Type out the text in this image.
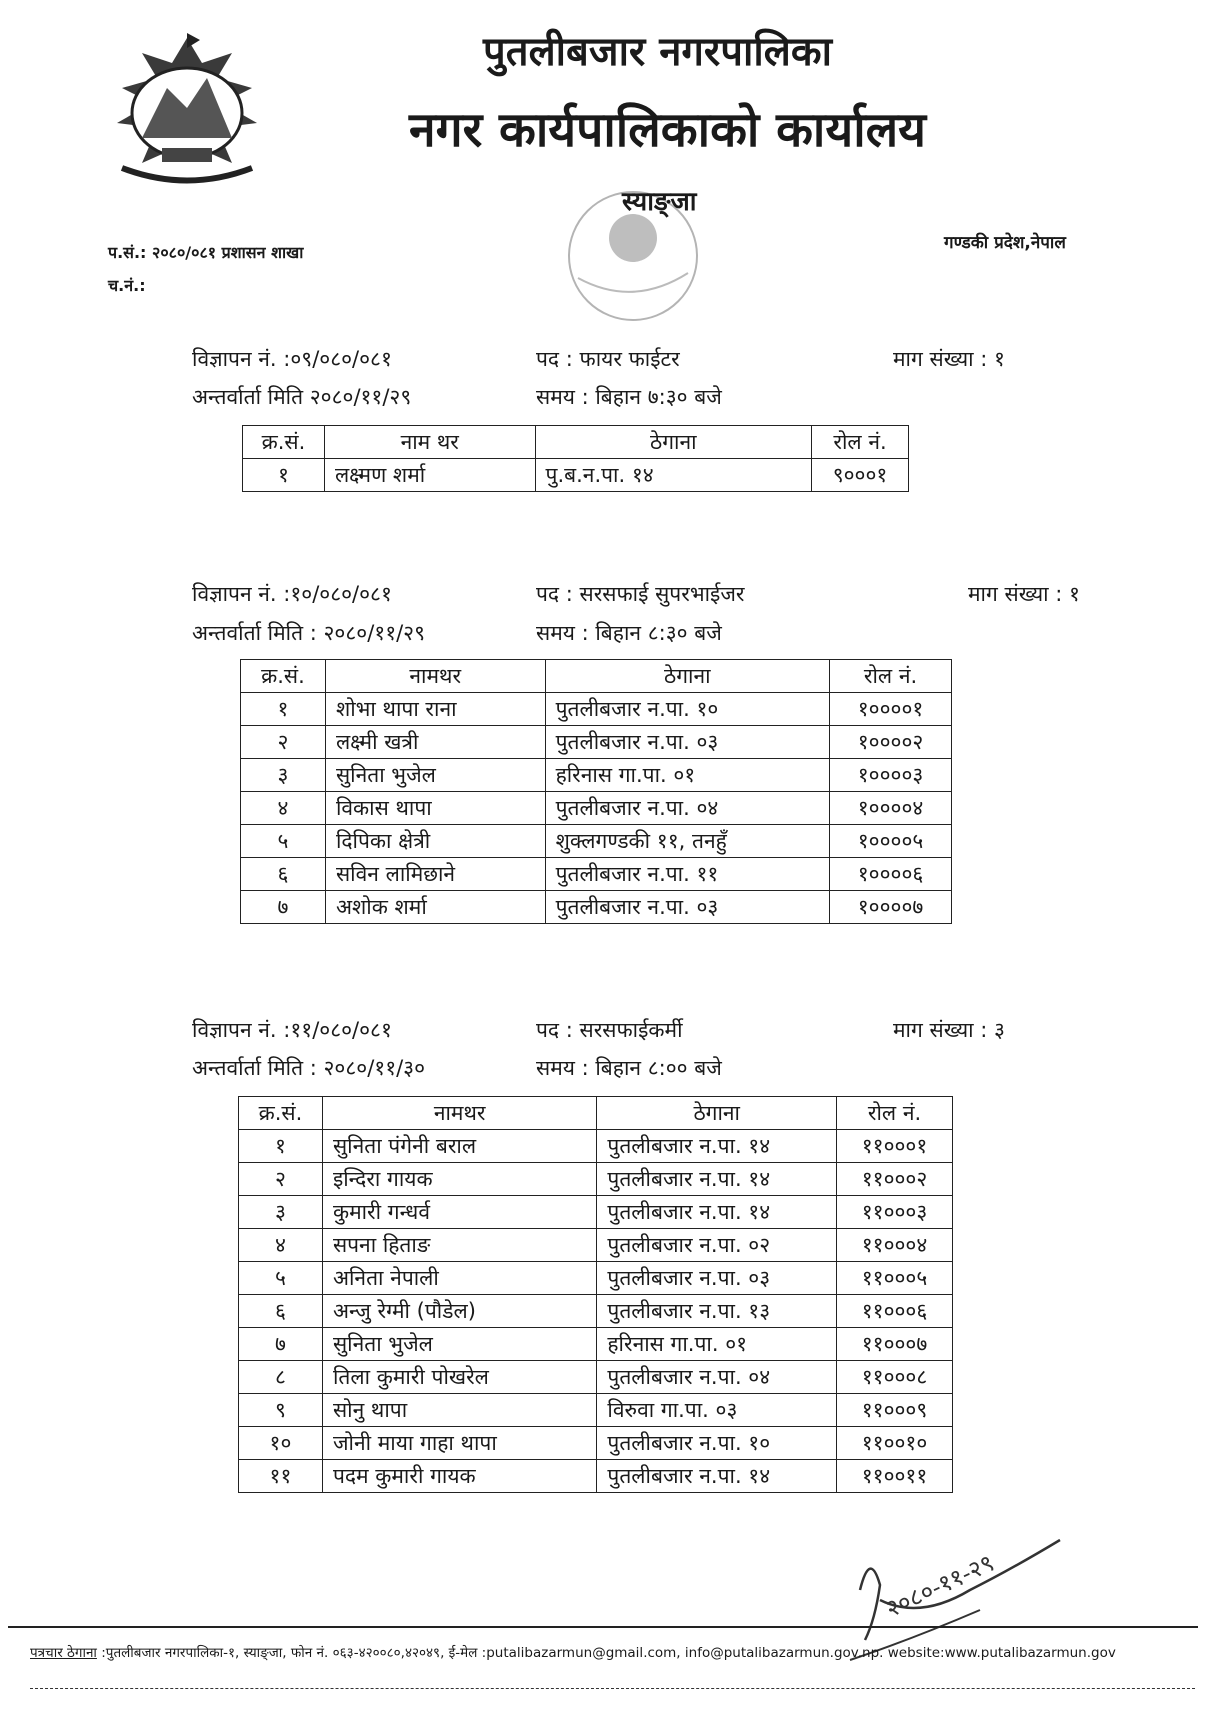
पुतलीबजार नगरपालिका
नगर कार्यपालिकाको कार्यालय
स्याङ्जा
गण्डकी प्रदेश,नेपाल
प.सं.: २०८०/०८१ प्रशासन शाखा
च.नं.:
विज्ञापन नं. :०९/०८०/०८१	पद : फायर फाईटर	माग संख्या : १
अन्तर्वार्ता मिति २०८०/११/२९	समय : बिहान ७:३० बजे
क्र.सं.	नाम थर	ठेगाना	रोल नं.
१	लक्ष्मण शर्मा	पु.ब.न.पा. १४	९०००१
विज्ञापन नं. :१०/०८०/०८१	पद : सरसफाई सुपरभाईजर	माग संख्या : १
अन्तर्वार्ता मिति : २०८०/११/२९	समय : बिहान ८:३० बजे
क्र.सं.	नामथर	ठेगाना	रोल नं.
१	शोभा थापा राना	पुतलीबजार न.पा. १०	१००००१
२	लक्ष्मी खत्री	पुतलीबजार न.पा. ०३	१००००२
३	सुनिता भुजेल	हरिनास गा.पा. ०१	१००००३
४	विकास थापा	पुतलीबजार न.पा. ०४	१००००४
५	दिपिका क्षेत्री	शुक्लगण्डकी ११, तनहुँ	१००००५
६	सविन लामिछाने	पुतलीबजार न.पा. ११	१००००६
७	अशोक शर्मा	पुतलीबजार न.पा. ०३	१००००७
विज्ञापन नं. :११/०८०/०८१	पद : सरसफाईकर्मी	माग संख्या : ३
अन्तर्वार्ता मिति : २०८०/११/३०	समय : बिहान ८:०० बजे
क्र.सं.	नामथर	ठेगाना	रोल नं.
१	सुनिता पंगेनी बराल	पुतलीबजार न.पा. १४	११०००१
२	इन्दिरा गायक	पुतलीबजार न.पा. १४	११०००२
३	कुमारी गन्धर्व	पुतलीबजार न.पा. १४	११०००३
४	सपना हिताङ	पुतलीबजार न.पा. ०२	११०००४
५	अनिता नेपाली	पुतलीबजार न.पा. ०३	११०००५
६	अन्जु रेग्मी (पौडेल)	पुतलीबजार न.पा. १३	११०००६
७	सुनिता भुजेल	हरिनास गा.पा. ०१	११०००७
८	तिला कुमारी पोखरेल	पुतलीबजार न.पा. ०४	११०००८
९	सोनु थापा	विरुवा गा.पा. ०३	११०००९
१०	जोनी माया गाहा थापा	पुतलीबजार न.पा. १०	११००१०
११	पदम कुमारी गायक	पुतलीबजार न.पा. १४	११००११
२०८०-११-२९
पत्रचार ठेगाना :पुतलीबजार नगरपालिका-१, स्याङ्जा, फोन नं. ०६३-४२००८०,४२०४९, ई-मेल :putalibazarmun@gmail.com, info@putalibazarmun.gov.np. website:www.putalibazarmun.gov
